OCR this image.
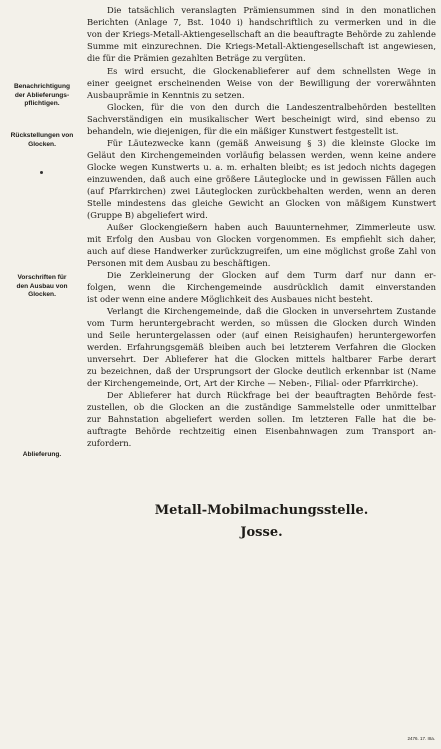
Benachrichtigung
der Ablieferungs-
pflichtigen.
Rückstellungen von
Glocken.
Vorschriften für
den Ausbau von
Glocken.
Ablieferung.
Die tatsächlich veranslagten Prämiensummen sind in den monatlichen
Berichten (Anlage 7, Bst. 1040 i) handschriftlich zu vermerken und in die
von der Kriegs-Metall-Aktiengesellschaft an die beauftragte Behörde zu zahlende
Summe mit einzurechnen. Die Kriegs-Metall-Aktiengesellschaft ist angewiesen,
die für die Prämien gezahlten Beträge zu vergüten.
Es wird ersucht, die Glockenablieferer auf dem schnellsten Wege in
einer geeignet erscheinenden Weise von der Bewilligung der vorerwähnten
Ausbauprämie in Kenntnis zu setzen.
Glocken, für die von den durch die Landeszentralbehörden bestellten
Sachverständigen ein musikalischer Wert bescheinigt wird, sind ebenso zu
behandeln, wie diejenigen, für die ein mäßiger Kunstwert festgestellt ist.
Für Läutezwecke kann (gemäß Anweisung § 3) die kleinste Glocke im
Geläut den Kirchengemeinden vorläufig belassen werden, wenn keine andere
Glocke wegen Kunstwerts u. a. m. erhalten bleibt; es ist jedoch nichts dagegen
einzuwenden, daß auch eine größere Läuteglocke und in gewissen Fällen auch
(auf Pfarrkirchen) zwei Läuteglocken zurückbehalten werden, wenn an deren
Stelle mindestens das gleiche Gewicht an Glocken von mäßigem Kunstwert
(Gruppe B) abgeliefert wird.
Außer Glockengießern haben auch Bauunternehmer, Zimmerleute usw.
mit Erfolg den Ausbau von Glocken vorgenommen. Es empfiehlt sich daher,
auch auf diese Handwerker zurückzugreifen, um eine möglichst große Zahl von
Personen mit dem Ausbau zu beschäftigen.
Die Zerkleinerung der Glocken auf dem Turm darf nur dann er-
folgen, wenn die Kirchengemeinde ausdrücklich damit einverstanden
ist oder wenn eine andere Möglichkeit des Ausbaues nicht besteht.
Verlangt die Kirchengemeinde, daß die Glocken in unversehrtem Zustande
vom Turm heruntergebracht werden, so müssen die Glocken durch Winden
und Seile heruntergelassen oder (auf einen Reisighaufen) heruntergeworfen
werden. Erfahrungsgemäß bleiben auch bei letzterem Verfahren die Glocken
unversehrt. Der Ablieferer hat die Glocken mittels haltbarer Farbe derart
zu bezeichnen, daß der Ursprungsort der Glocke deutlich erkennbar ist (Name
der Kirchengemeinde, Ort, Art der Kirche — Neben-, Filial- oder Pfarrkirche).
Der Ablieferer hat durch Rückfrage bei der beauftragten Behörde fest-
zustellen, ob die Glocken an die zuständige Sammelstelle oder unmittelbar
zur Bahnstation abgeliefert werden sollen. Im letzteren Falle hat die be-
auftragte Behörde rechtzeitig einen Eisenbahnwagen zum Transport an-
zufordern.
Metall-Mobilmachungsstelle.
Josse.
2476. 17. IIIa.
